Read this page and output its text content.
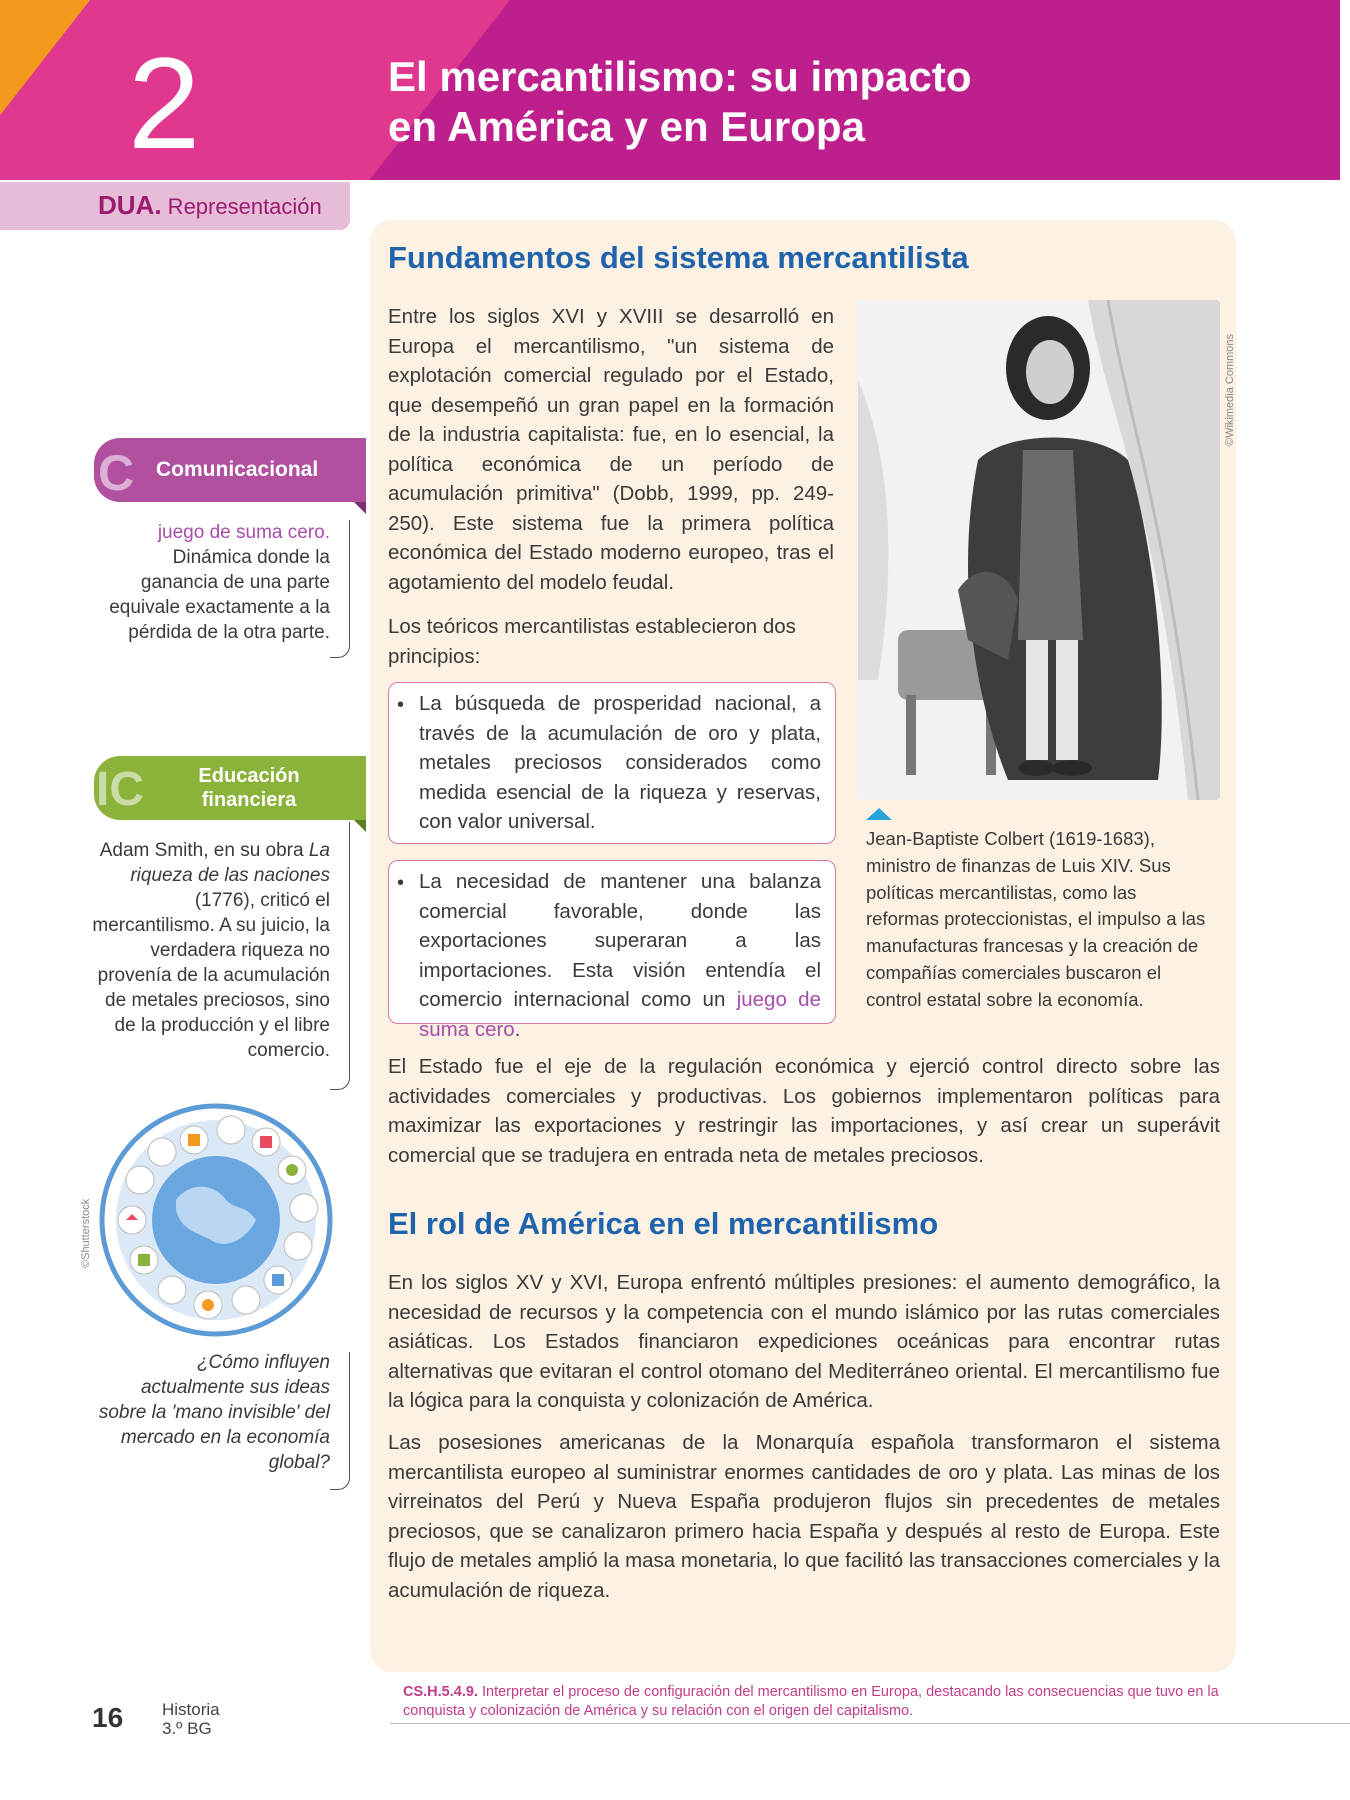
2	El mercantilismo: su impacto
en América y en Europa
DUA. Representación
Fundamentos del sistema mercantilista
Entre los siglos XVI y XVIII se desarrolló en Europa el mercantilismo, "un sistema de explotación comercial regulado por el Estado, que desempeñó un gran papel en la formación de la industria capitalista: fue, en lo esencial, la política económica de un período de acumulación primitiva" (Dobb, 1999, pp. 249-250). Este sistema fue la primera política económica del Estado moderno europeo, tras el agotamiento del modelo feudal.
Los teóricos mercantilistas establecieron dos principios:
• La búsqueda de prosperidad nacional, a través de la acumulación de oro y plata, metales preciosos considerados como medida esencial de la riqueza y reservas, con valor universal.
• La necesidad de mantener una balanza comercial favorable, donde las exportaciones superaran a las importaciones. Esta visión entendía el comercio internacional como un juego de suma cero.
©Wikimedia Commons
Jean-Baptiste Colbert (1619-1683), ministro de finanzas de Luis XIV. Sus políticas mercantilistas, como las reformas proteccionistas, el impulso a las manufacturas francesas y la creación de compañías comerciales buscaron el control estatal sobre la economía.
El Estado fue el eje de la regulación económica y ejerció control directo sobre las actividades comerciales y productivas. Los gobiernos implementaron políticas para maximizar las exportaciones y restringir las importaciones, y así crear un superávit comercial que se tradujera en entrada neta de metales preciosos.
El rol de América en el mercantilismo
En los siglos XV y XVI, Europa enfrentó múltiples presiones: el aumento demográfico, la necesidad de recursos y la competencia con el mundo islámico por las rutas comerciales asiáticas. Los Estados financiaron expediciones oceánicas para encontrar rutas alternativas que evitaran el control otomano del Mediterráneo oriental. El mercantilismo fue la lógica para la conquista y colonización de América.
Las posesiones americanas de la Monarquía española transformaron el sistema mercantilista europeo al suministrar enormes cantidades de oro y plata. Las minas de los virreinatos del Perú y Nueva España produjeron flujos sin precedentes de metales preciosos, que se canalizaron primero hacia España y después al resto de Europa. Este flujo de metales amplió la masa monetaria, lo que facilitó las transacciones comerciales y la acumulación de riqueza.
C Comunicacional
juego de suma cero.
Dinámica donde la ganancia de una parte equivale exactamente a la pérdida de la otra parte.
IC	Educación
financiera
Adam Smith, en su obra La riqueza de las naciones (1776), criticó el mercantilismo. A su juicio, la verdadera riqueza no provenía de la acumulación de metales preciosos, sino de la producción y el libre comercio.
©Shutterstock
¿Cómo influyen actualmente sus ideas sobre la 'mano invisible' del mercado en la economía global?
16 Historia
3.º BG
CS.H.5.4.9. Interpretar el proceso de configuración del mercantilismo en Europa, destacando las consecuencias que tuvo en la conquista y colonización de América y su relación con el origen del capitalismo.
